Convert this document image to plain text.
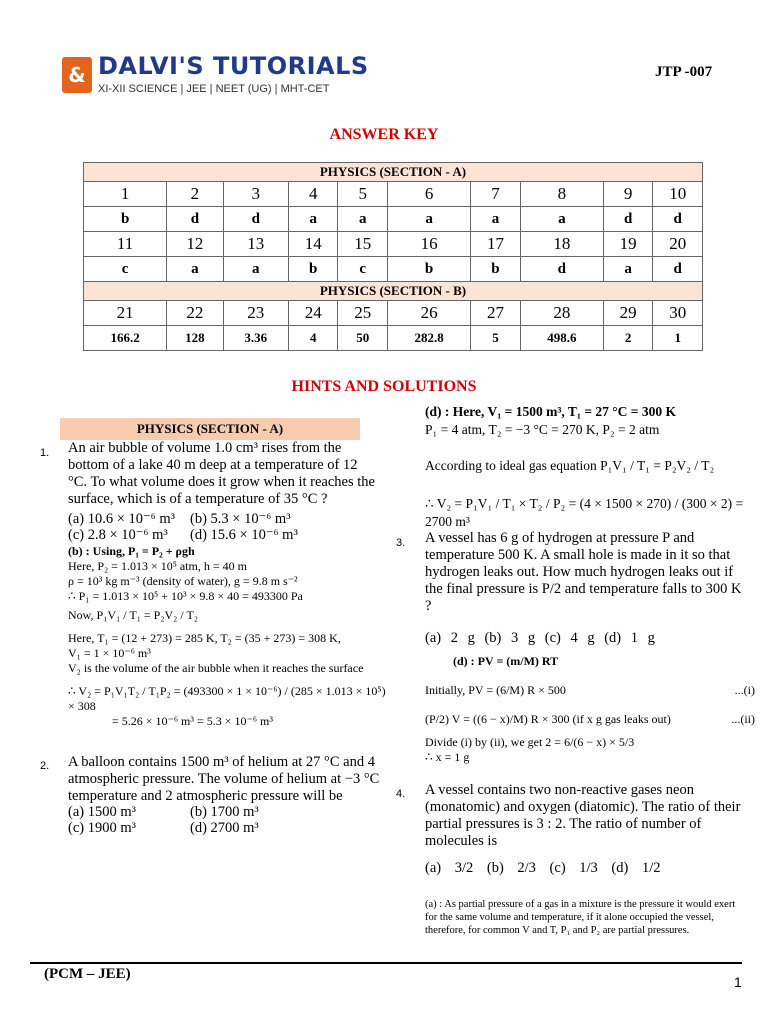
& DALVI'S TUTORIALS
XI-XII SCIENCE | JEE | NEET (UG) | MHT-CET
JTP -007
ANSWER KEY
PHYSICS (SECTION - A)									
1	2	3	4	5	6	7	8	9	10
b	d	d	a	a	a	a	a	d	d
11	12	13	14	15	16	17	18	19	20
c	a	a	b	c	b	b	d	a	d
PHYSICS (SECTION - B)									
21	22	23	24	25	26	27	28	29	30
166.2	128	3.36	4	50	282.8	5	498.6	2	1
HINTS AND SOLUTIONS
PHYSICS (SECTION - A)
1. An air bubble of volume 1.0 cm³ rises from the bottom of a lake 40 m deep at a temperature of 12 °C. To what volume does it grow when it reaches the surface, which is of a temperature of 35 °C ?
(a) 10.6 × 10⁻⁶ m³	(b) 5.3 × 10⁻⁶ m³
(c) 2.8 × 10⁻⁶ m³	(d) 15.6 × 10⁻⁶ m³
(b) : Using, P₁ = P₂ + ρgh
Here, P₂ = 1.013 × 10⁵ atm, h = 40 m
ρ = 10³ kg m⁻³ (density of water), g = 9.8 m s⁻²
∴ P₁ = 1.013 × 10⁵ + 10³ × 9.8 × 40 = 493300 Pa
Now, P₁V₁ / T₁ = P₂V₂ / T₂
Here, T₁ = (12 + 273) = 285 K, T₂ = (35 + 273) = 308 K,
V₁ = 1 × 10⁻⁶ m³
V₂ is the volume of the air bubble when it reaches the surface
∴ V₂ = P₁V₁T₂ / T₁P₂ = (493300 × 1 × 10⁻⁶) / (285 × 1.013 × 10⁵) × 308
= 5.26 × 10⁻⁶ m³ = 5.3 × 10⁻⁶ m³
2. A balloon contains 1500 m³ of helium at 27 °C and 4 atmospheric pressure. The volume of helium at −3 °C temperature and 2 atmospheric pressure will be
(a) 1500 m³	(b) 1700 m³
(c) 1900 m³	(d) 2700 m³
(d) : Here, V₁ = 1500 m³, T₁ = 27 °C = 300 K
P₁ = 4 atm, T₂ = −3 °C = 270 K, P₂ = 2 atm
According to ideal gas equation P₁V₁ / T₁ = P₂V₂ / T₂
∴ V₂ = P₁V₁ / T₁ × T₂ / P₂ = (4 × 1500 × 270) / (300 × 2) = 2700 m³
3. A vessel has 6 g of hydrogen at pressure P and temperature 500 K. A small hole is made in it so that hydrogen leaks out. How much hydrogen leaks out if the final pressure is P/2 and temperature falls to 300 K ?
(a) 2 g (b) 3 g (c) 4 g (d) 1 g
(d) : PV = (m/M) RT
Initially, PV = (6/M) R × 500	...(i)
(P/2) V = ((6 − x)/M) R × 300 (if x g gas leaks out)	...(ii)
Divide (i) by (ii), we get 2 = 6/(6 − x) × 5/3
∴ x = 1 g
4. A vessel contains two non-reactive gases neon (monatomic) and oxygen (diatomic). The ratio of their partial pressures is 3 : 2. The ratio of number of molecules is
(a) 3/2 (b) 2/3 (c) 1/3 (d) 1/2
(a) : As partial pressure of a gas in a mixture is the pressure it would exert for the same volume and temperature, if it alone occupied the vessel, therefore, for common V and T, P₁ and P₂ are partial pressures.
(PCM – JEE)	1
